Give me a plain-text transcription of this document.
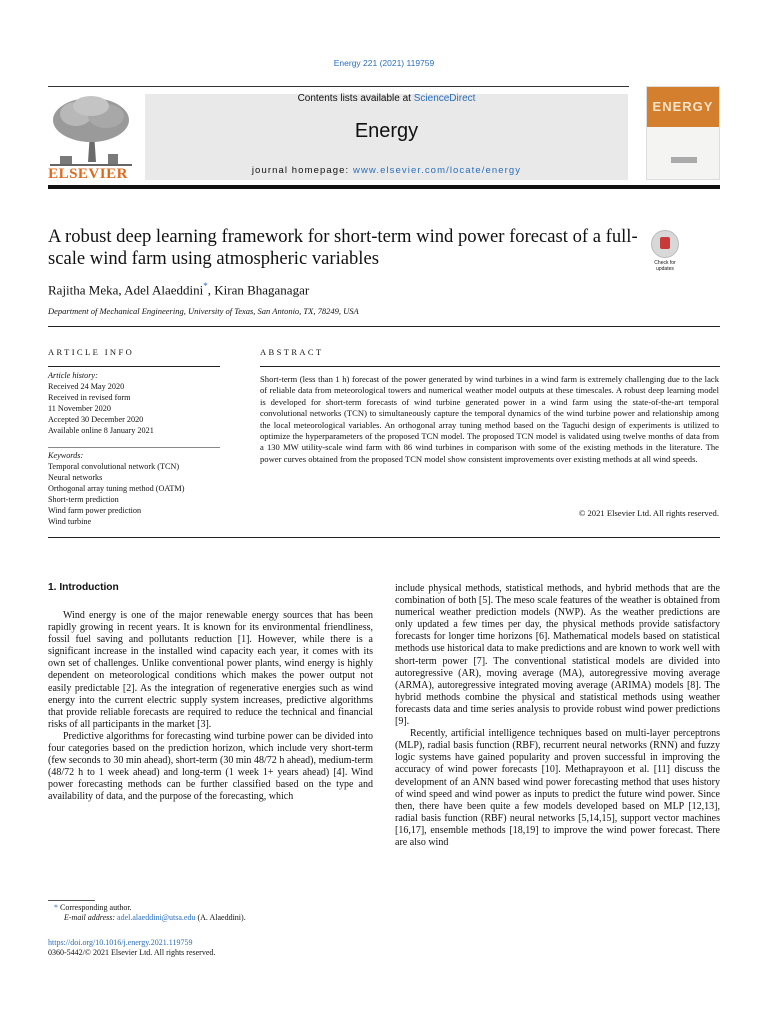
Energy 221 (2021) 119759
ELSEVIER
Contents lists available at ScienceDirect
Energy
journal homepage: www.elsevier.com/locate/energy
ENERGY
A robust deep learning framework for short-term wind power forecast of a full-scale wind farm using atmospheric variables	Check for updates
Rajitha Meka, Adel Alaeddini*, Kiran Bhaganagar
Department of Mechanical Engineering, University of Texas, San Antonio, TX, 78249, USA
ARTICLE INFO	ABSTRACT
Article history:
Received 24 May 2020
Received in revised form
11 November 2020
Accepted 30 December 2020
Available online 8 January 2021
Keywords:
Temporal convolutional network (TCN)
Neural networks
Orthogonal array tuning method (OATM)
Short-term prediction
Wind farm power prediction
Wind turbine
Short-term (less than 1 h) forecast of the power generated by wind turbines in a wind farm is extremely challenging due to the lack of reliable data from meteorological towers and numerical weather model outputs at these timescales. A robust deep learning model is developed for short-term forecasts of wind turbine generated power in a wind farm using the state-of-the-art temporal convolutional networks (TCN) to simultaneously capture the temporal dynamics of the wind turbine power and relationship among the local meteorological variables. An orthogonal array tuning method based on the Taguchi design of experiments is utilized to optimize the hyperparameters of the proposed TCN model. The proposed TCN model is validated using twelve months of data from a 130 MW utility-scale wind farm with 86 wind turbines in comparison with some of the existing methods in the literature. The power curves obtained from the proposed TCN model show consistent improvements over existing methods at all wind speeds.
© 2021 Elsevier Ltd. All rights reserved.
1. Introduction

Wind energy is one of the major renewable energy sources that has been rapidly growing in recent years. It is known for its environmental friendliness, fossil fuel saving and pollutants reduction [1]. However, while there is a significant increase in the installed wind capacity each year, it comes with its own set of challenges. Unlike conventional power plants, wind energy is highly dependent on meteorological conditions which makes the power output not easily predictable [2]. As the integration of regenerative energies such as wind energy into the current electric supply system increases, predictive algorithms that provide reliable forecasts are required to reduce the technical and financial risks of all participants in the market [3].

Predictive algorithms for forecasting wind turbine power can be divided into four categories based on the prediction horizon, which include very short-term (few seconds to 30 min ahead), short-term (30 min 48/72 h ahead), medium-term (48/72 h to 1 week ahead) and long-term (1 week 1+ years ahead) [4]. Wind power forecasting methods can be further classified based on the type and availability of data, and the purpose of the forecasting, which

include physical methods, statistical methods, and hybrid methods that are the combination of both [5]. The meso scale features of the weather is obtained from numerical weather prediction models (NWP). As the weather predictions are only updated a few times per day, the physical methods provide satisfactory forecasts for longer time horizons [6]. Mathematical models based on statistical methods use historical data to make predictions and are known to work well with short-term power [7]. The conventional statistical models are divided into autoregressive (AR), moving average (MA), autoregressive moving average (ARMA), autoregressive integrated moving average (ARIMA) models [8]. The hybrid methods combine the physical and statistical methods using weather forecasts data and time series analysis to provide robust wind power predictions [9].

Recently, artificial intelligence techniques based on multi-layer perceptrons (MLP), radial basis function (RBF), recurrent neural networks (RNN) and fuzzy logic systems have gained popularity and proven successful in improving the accuracy of wind power forecasts [10]. Methaprayoon et al. [11] discuss the development of an ANN based wind power forecasting method that uses history of wind speed and wind power as inputs to predict the future wind power. Since then, there have been quite a few models developed based on MLP [12,13], radial basis function (RBF) neural networks [5,14,15], support vector machines [16,17], ensemble methods [18,19] to improve the wind power forecast. There are also wind

* Corresponding author.
E-mail address: adel.alaeddini@utsa.edu (A. Alaeddini).
https://doi.org/10.1016/j.energy.2021.119759
0360-5442/© 2021 Elsevier Ltd. All rights reserved.
